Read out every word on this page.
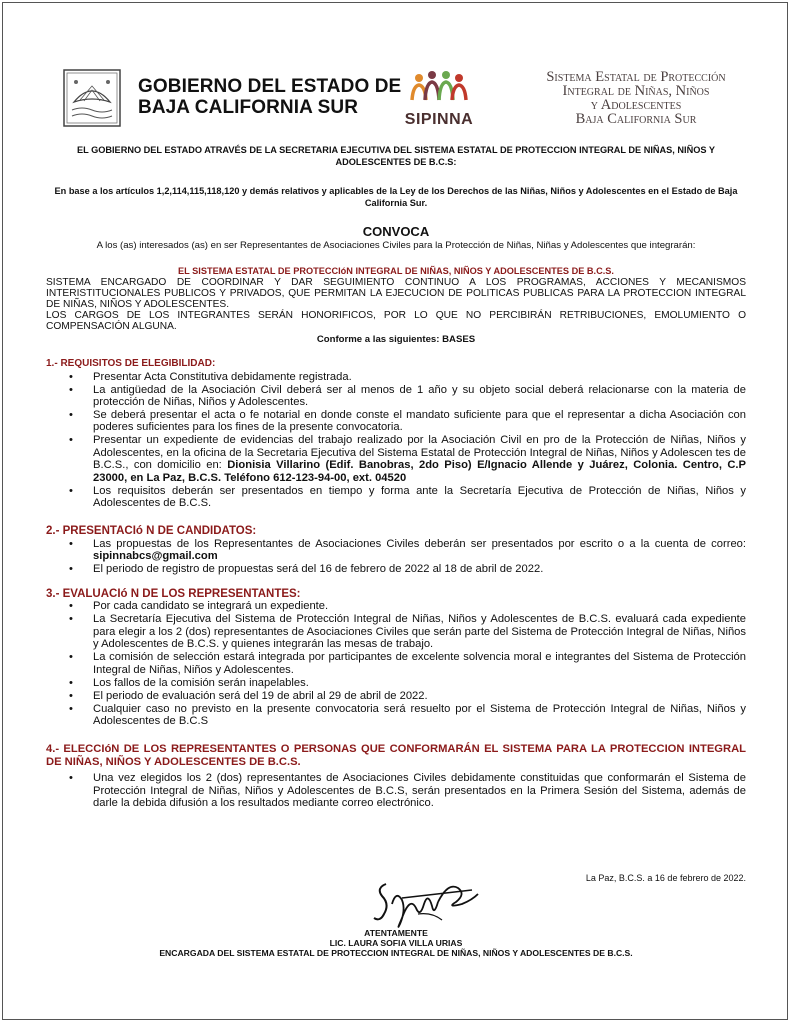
GOBIERNO DEL ESTADO DE
BAJA CALIFORNIA SUR
SIPINNA
Sistema Estatal de Protección
Integral de Niñas, Niños
y Adolescentes
Baja California Sur

EL GOBIERNO DEL ESTADO ATRAVÉS DE LA SECRETARIA EJECUTIVA DEL SISTEMA ESTATAL DE PROTECCION INTEGRAL DE NIÑAS, NIÑOS Y ADOLESCENTES DE B.C.S:

En base a los artículos 1,2,114,115,118,120 y demás relativos y aplicables de la Ley de los Derechos de las Niñas, Niños y Adolescentes en el Estado de Baja California Sur.

CONVOCA

A los (as) interesados (as) en ser Representantes de Asociaciones Civiles para la Protección de Niñas, Niñas y Adolescentes que integrarán:

EL SISTEMA ESTATAL DE PROTECCIóN INTEGRAL DE NIÑAS, NIÑOS Y ADOLESCENTES DE B.C.S.

SISTEMA ENCARGADO DE COORDINAR Y DAR SEGUIMIENTO CONTINUO A LOS PROGRAMAS, ACCIONES Y MECANISMOS INTERISTITUCIONALES PUBLICOS Y PRIVADOS, QUE PERMITAN LA EJECUCION DE POLITICAS PUBLICAS PARA LA PROTECCION INTEGRAL DE NIÑAS, NIÑOS Y ADOLESCENTES.

LOS CARGOS DE LOS INTEGRANTES SERÁN HONORIFICOS, POR LO QUE NO PERCIBIRÁN RETRIBUCIONES, EMOLUMIENTO O COMPENSACIÓN ALGUNA.

Conforme a las siguientes: BASES

1.- REQUISITOS DE ELEGIBILIDAD:

• Presentar Acta Constitutiva debidamente registrada.
• La antigüedad de la Asociación Civil deberá ser al menos de 1 año y su objeto social deberá relacionarse con la materia de protección de Niñas, Niños y Adolescentes.
• Se deberá presentar el acta o fe notarial en donde conste el mandato suficiente para que el representar a dicha Asociación con poderes suficientes para los fines de la presente convocatoria.
• Presentar un expediente de evidencias del trabajo realizado por la Asociación Civil en pro de la Protección de Niñas, Niños y Adolescentes, en la oficina de la Secretaria Ejecutiva del Sistema Estatal de Protección Integral de Niñas, Niños y Adolescen tes de B.C.S., con domicilio en: Dionisia Villarino (Edif. Banobras, 2do Piso) E/Ignacio Allende y Juárez, Colonia. Centro, C.P 23000, en La Paz, B.C.S. Teléfono 612-123-94-00, ext. 04520
• Los requisitos deberán ser presentados en tiempo y forma ante la Secretaría Ejecutiva de Protección de Niñas, Niños y Adolescentes de B.C.S.

2.- PRESENTACIó N DE CANDIDATOS:

• Las propuestas de los Representantes de Asociaciones Civiles deberán ser presentados por escrito o a la cuenta de correo: sipinnabcs@gmail.com
• El periodo de registro de propuestas será del 16 de febrero de 2022 al 18 de abril de 2022.

3.- EVALUACIó N DE LOS REPRESENTANTES:

• Por cada candidato se integrará un expediente.
• La Secretaría Ejecutiva del Sistema de Protección Integral de Niñas, Niños y Adolescentes de B.C.S. evaluará cada expediente para elegir a los 2 (dos) representantes de Asociaciones Civiles que serán parte del Sistema de Protección Integral de Niñas, Niños y Adolescentes de B.C.S. y quienes integrarán las mesas de trabajo.
• La comisión de selección estará integrada por participantes de excelente solvencia moral e integrantes del Sistema de Protección Integral de Niñas, Niños y Adolescentes.
• Los fallos de la comisión serán inapelables.
• El periodo de evaluación será del 19 de abril al 29 de abril de 2022.
• Cualquier caso no previsto en la presente convocatoria será resuelto por el Sistema de Protección Integral de Niñas, Niños y Adolescentes de B.C.S

4.- ELECCIóN DE LOS REPRESENTANTES O PERSONAS QUE CONFORMARÁN EL SISTEMA PARA LA PROTECCION INTEGRAL DE NIÑAS, NIÑOS Y ADOLESCENTES DE B.C.S.

• Una vez elegidos los 2 (dos) representantes de Asociaciones Civiles debidamente constituidas que conformarán el Sistema de Protección Integral de Niñas, Niños y Adolescentes de B.C.S, serán presentados en la Primera Sesión del Sistema, además de darle la debida difusión a los resultados mediante correo electrónico.
La Paz, B.C.S. a 16 de febrero de 2022.
ATENTAMENTE
LIC. LAURA SOFIA VILLA URIAS
ENCARGADA DEL SISTEMA ESTATAL DE PROTECCION INTEGRAL DE NIÑAS, NIÑOS Y ADOLESCENTES DE B.C.S.
